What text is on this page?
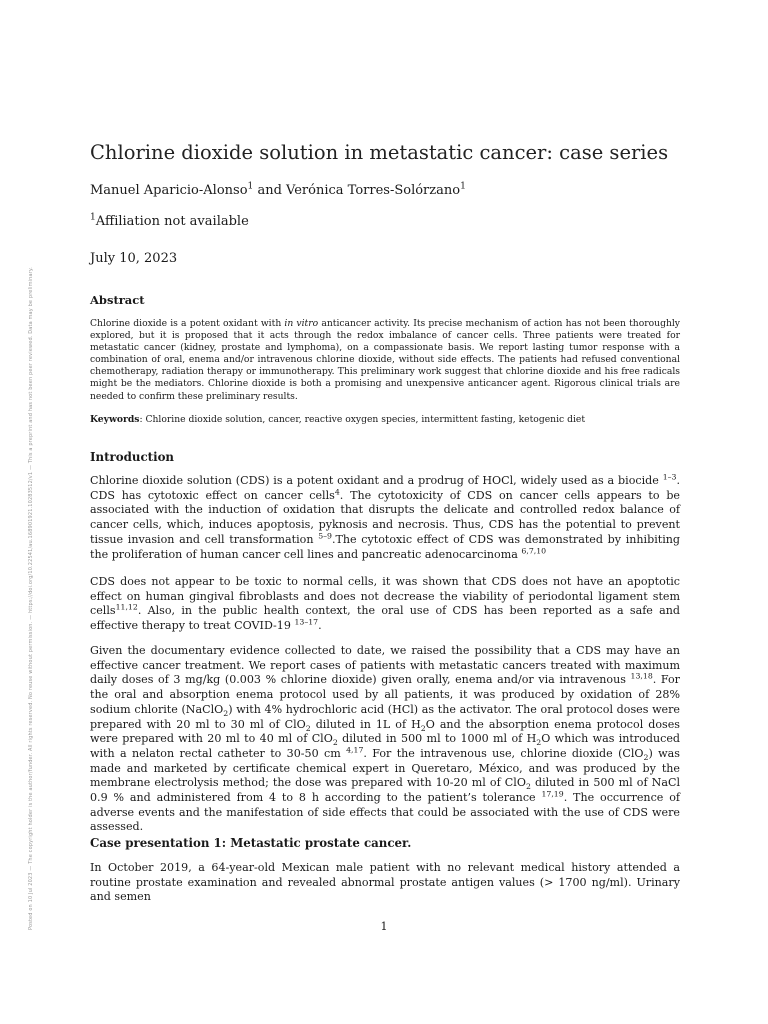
Posted on 10 Jul 2023 — The copyright holder is the author/funder. All rights reserved. No reuse without permission. — https://doi.org/10.22541/au.168901921.10283512/v1 — This a preprint and has not been peer reviewed. Data may be preliminary.
Chlorine dioxide solution in metastatic cancer: case series
Manuel Aparicio-Alonso$^1$ and Verónica Torres-Solórzano$^1$
$^1$Affiliation not available
July 10, 2023
Abstract

Chlorine dioxide is a potent oxidant with in vitro anticancer activity. Its precise mechanism of action has not been thoroughly explored, but it is proposed that it acts through the redox imbalance of cancer cells. Three patients were treated for metastatic cancer (kidney, prostate and lymphoma), on a compassionate basis. We report lasting tumor response with a combination of oral, enema and/or intravenous chlorine dioxide, without side effects. The patients had refused conventional chemotherapy, radiation therapy or immunotherapy. This preliminary work suggest that chlorine dioxide and his free radicals might be the mediators. Chlorine dioxide is both a promising and unexpensive anticancer agent. Rigorous clinical trials are needed to confirm these preliminary results.

Keywords: Chlorine dioxide solution, cancer, reactive oxygen species, intermittent fasting, ketogenic diet

Introduction

Chlorine dioxide solution (CDS) is a potent oxidant and a prodrug of HOCl, widely used as a biocide $^{1-3}$. CDS has cytotoxic effect on cancer cells$^4$. The cytotoxicity of CDS on cancer cells appears to be associated with the induction of oxidation that disrupts the delicate and controlled redox balance of cancer cells, which, induces apoptosis, pyknosis and necrosis. Thus, CDS has the potential to prevent tissue invasion and cell transformation $^{5-9}$.The cytotoxic effect of CDS was demonstrated by inhibiting the proliferation of human cancer cell lines and pancreatic adenocarcinoma $^{6,7,10}$

CDS does not appear to be toxic to normal cells, it was shown that CDS does not have an apoptotic effect on human gingival fibroblasts and does not decrease the viability of periodontal ligament stem cells$^{11,12}$. Also, in the public health context, the oral use of CDS has been reported as a safe and effective therapy to treat COVID-19 $^{13-17}$.

Given the documentary evidence collected to date, we raised the possibility that a CDS may have an effective cancer treatment. We report cases of patients with metastatic cancers treated with maximum daily doses of 3 mg/kg (0.003 % chlorine dioxide) given orally, enema and/or via intravenous $^{13,18}$. For the oral and absorption enema protocol used by all patients, it was produced by oxidation of 28% sodium chlorite (NaClO$_2$) with 4% hydrochloric acid (HCl) as the activator. The oral protocol doses were prepared with 20 ml to 30 ml of ClO$_2$ diluted in 1L of $H_2O$ and the absorption enema protocol doses were prepared with 20 ml to 40 ml of ClO$_2$ diluted in 500 ml to 1000 ml of $H_2O$ which was introduced with a nelaton rectal catheter to 30-50 cm $^{4,17}$. For the intravenous use, chlorine dioxide (ClO$_2$) was made and marketed by certificate chemical expert in Queretaro, México, and was produced by the membrane electrolysis method; the dose was prepared with 10-20 ml of ClO$_2$ diluted in 500 ml of NaCl 0.9 % and administered from 4 to 8 h according to the patient’s tolerance $^{17,19}$. The occurrence of adverse events and the manifestation of side effects that could be associated with the use of CDS were assessed.

Case presentation 1: Metastatic prostate cancer.

In October 2019, a 64-year-old Mexican male patient with no relevant medical history attended a routine prostate examination and revealed abnormal prostate antigen values (> 1700 ng/ml). Urinary and semen

1
